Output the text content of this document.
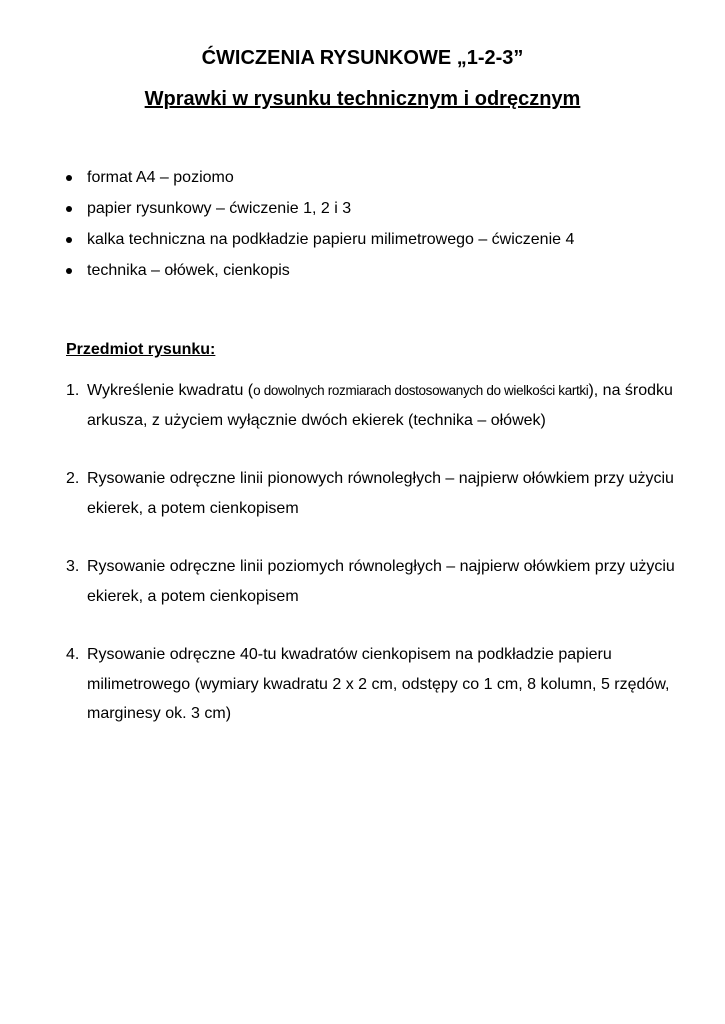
ĆWICZENIA RYSUNKOWE „1-2-3”
Wprawki w rysunku technicznym i odręcznym
format A4 – poziomo
papier rysunkowy – ćwiczenie 1, 2 i 3
kalka techniczna na podkładzie papieru milimetrowego – ćwiczenie 4
technika – ołówek, cienkopis
Przedmiot rysunku:
1. Wykreślenie kwadratu (o dowolnych rozmiarach dostosowanych do wielkości kartki), na środku arkusza, z użyciem wyłącznie dwóch ekierek (technika – ołówek)
2. Rysowanie odręczne linii pionowych równoległych – najpierw ołówkiem przy użyciu ekierek, a potem cienkopisem
3. Rysowanie odręczne linii poziomych równoległych – najpierw ołówkiem przy użyciu ekierek, a potem cienkopisem
4. Rysowanie odręczne 40-tu kwadratów cienkopisem na podkładzie papieru milimetrowego (wymiary kwadratu 2 x 2 cm, odstępy co 1 cm, 8 kolumn, 5 rzędów, marginesy ok. 3 cm)
